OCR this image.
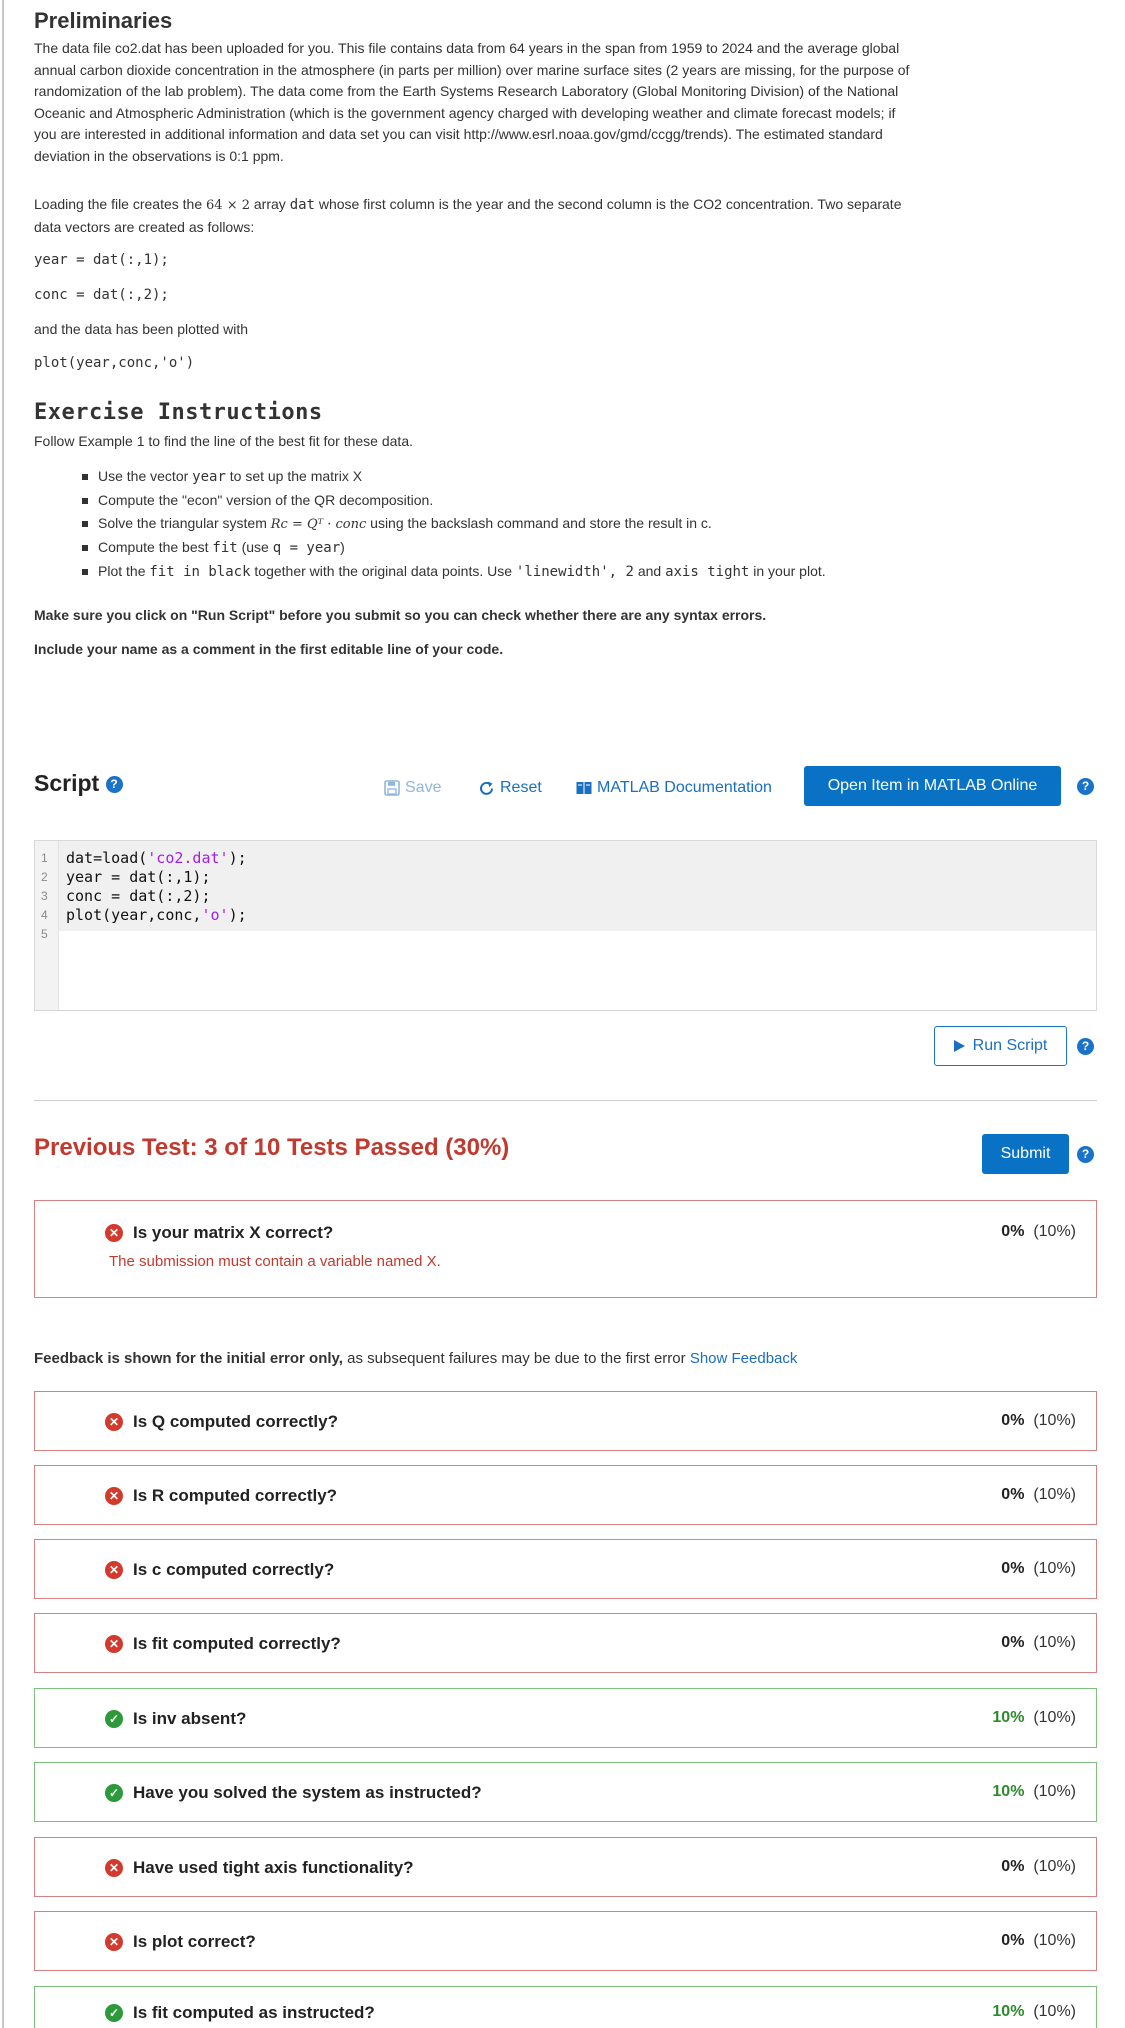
Preliminaries
The data file co2.dat has been uploaded for you. This file contains data from 64 years in the span from 1959 to 2024 and the average global
annual carbon dioxide concentration in the atmosphere (in parts per million) over marine surface sites (2 years are missing, for the purpose of
randomization of the lab problem). The data come from the Earth Systems Research Laboratory (Global Monitoring Division) of the National
Oceanic and Atmospheric Administration (which is the government agency charged with developing weather and climate forecast models; if
you are interested in additional information and data set you can visit http://www.esrl.noaa.gov/gmd/ccgg/trends). The estimated standard
deviation in the observations is 0:1 ppm.
Loading the file creates the 64 × 2 array dat whose first column is the year and the second column is the CO2 concentration. Two separate
data vectors are created as follows:
year = dat(:,1);
conc = dat(:,2);
and the data has been plotted with
plot(year,conc,'o')
Exercise Instructions
Follow Example 1 to find the line of the best fit for these data.
Use the vector year to set up the matrix X
Compute the "econ" version of the QR decomposition.
Solve the triangular system Rc = Qᵀ · conc using the backslash command and store the result in c.
Compute the best fit (use q = year)
Plot the fit in black together with the original data points. Use 'linewidth', 2 and axis tight in your plot.
Make sure you click on "Run Script" before you submit so you can check whether there are any syntax errors.
Include your name as a comment in the first editable line of your code.
Script ?	Save	Reset	MATLAB Documentation	Open Item in MATLAB Online	?
1	dat=load('co2.dat');
2	year = dat(:,1);
3	conc = dat(:,2);
4	plot(year,conc,'o');
5
Run Script	?
Previous Test: 3 of 10 Tests Passed (30%)	Submit	?
✕ Is your matrix X correct?
The submission must contain a variable named X.
0% (10%)
Feedback is shown for the initial error only, as subsequent failures may be due to the first error Show Feedback
✕ Is Q computed correctly?	0% (10%)
✕ Is R computed correctly?	0% (10%)
✕ Is c computed correctly?	0% (10%)
✕ Is fit computed correctly?	0% (10%)
✓ Is inv absent?	10% (10%)
✓ Have you solved the system as instructed?	10% (10%)
✕ Have used tight axis functionality?	0% (10%)
✕ Is plot correct?	0% (10%)
✓ Is fit computed as instructed?	10% (10%)
